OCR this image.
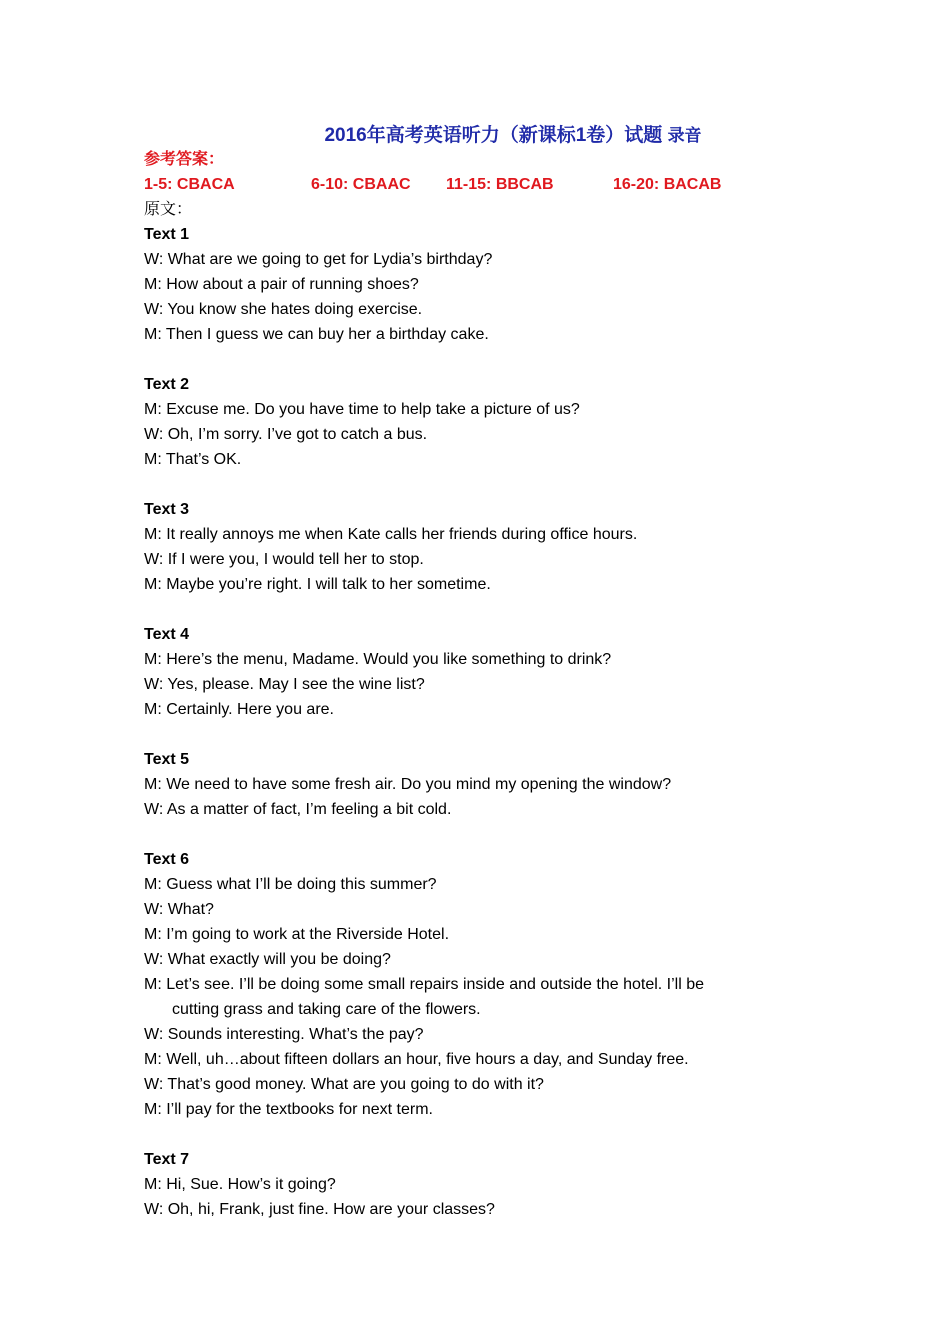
2016年高考英语听力（新课标1卷）试题 录音
参考答案：
1-5: CBACA	6-10: CBAAC 11-15: BBCAB	16-20: BACAB
原文：
Text 1
W: What are we going to get for Lydia’s birthday?
M: How about a pair of running shoes?
W: You know she hates doing exercise.
M: Then I guess we can buy her a birthday cake.
Text 2
M: Excuse me. Do you have time to help take a picture of us?
W: Oh, I’m sorry. I’ve got to catch a bus.
M: That’s OK.
Text 3
M: It really annoys me when Kate calls her friends during office hours.
W: If I were you, I would tell her to stop.
M: Maybe you’re right. I will talk to her sometime.
Text 4
M: Here’s the menu, Madame. Would you like something to drink?
W: Yes, please. May I see the wine list?
M: Certainly. Here you are.
Text 5
M: We need to have some fresh air. Do you mind my opening the window?
W: As a matter of fact, I’m feeling a bit cold.
Text 6
M: Guess what I’ll be doing this summer?
W: What?
M: I’m going to work at the Riverside Hotel.
W: What exactly will you be doing?
M: Let’s see. I’ll be doing some small repairs inside and outside the hotel. I’ll be
cutting grass and taking care of the flowers.
W: Sounds interesting. What’s the pay?
M: Well, uh…about fifteen dollars an hour, five hours a day, and Sunday free.
W: That’s good money. What are you going to do with it?
M: I’ll pay for the textbooks for next term.
Text 7
M: Hi, Sue. How’s it going?
W: Oh, hi, Frank, just fine. How are your classes?
